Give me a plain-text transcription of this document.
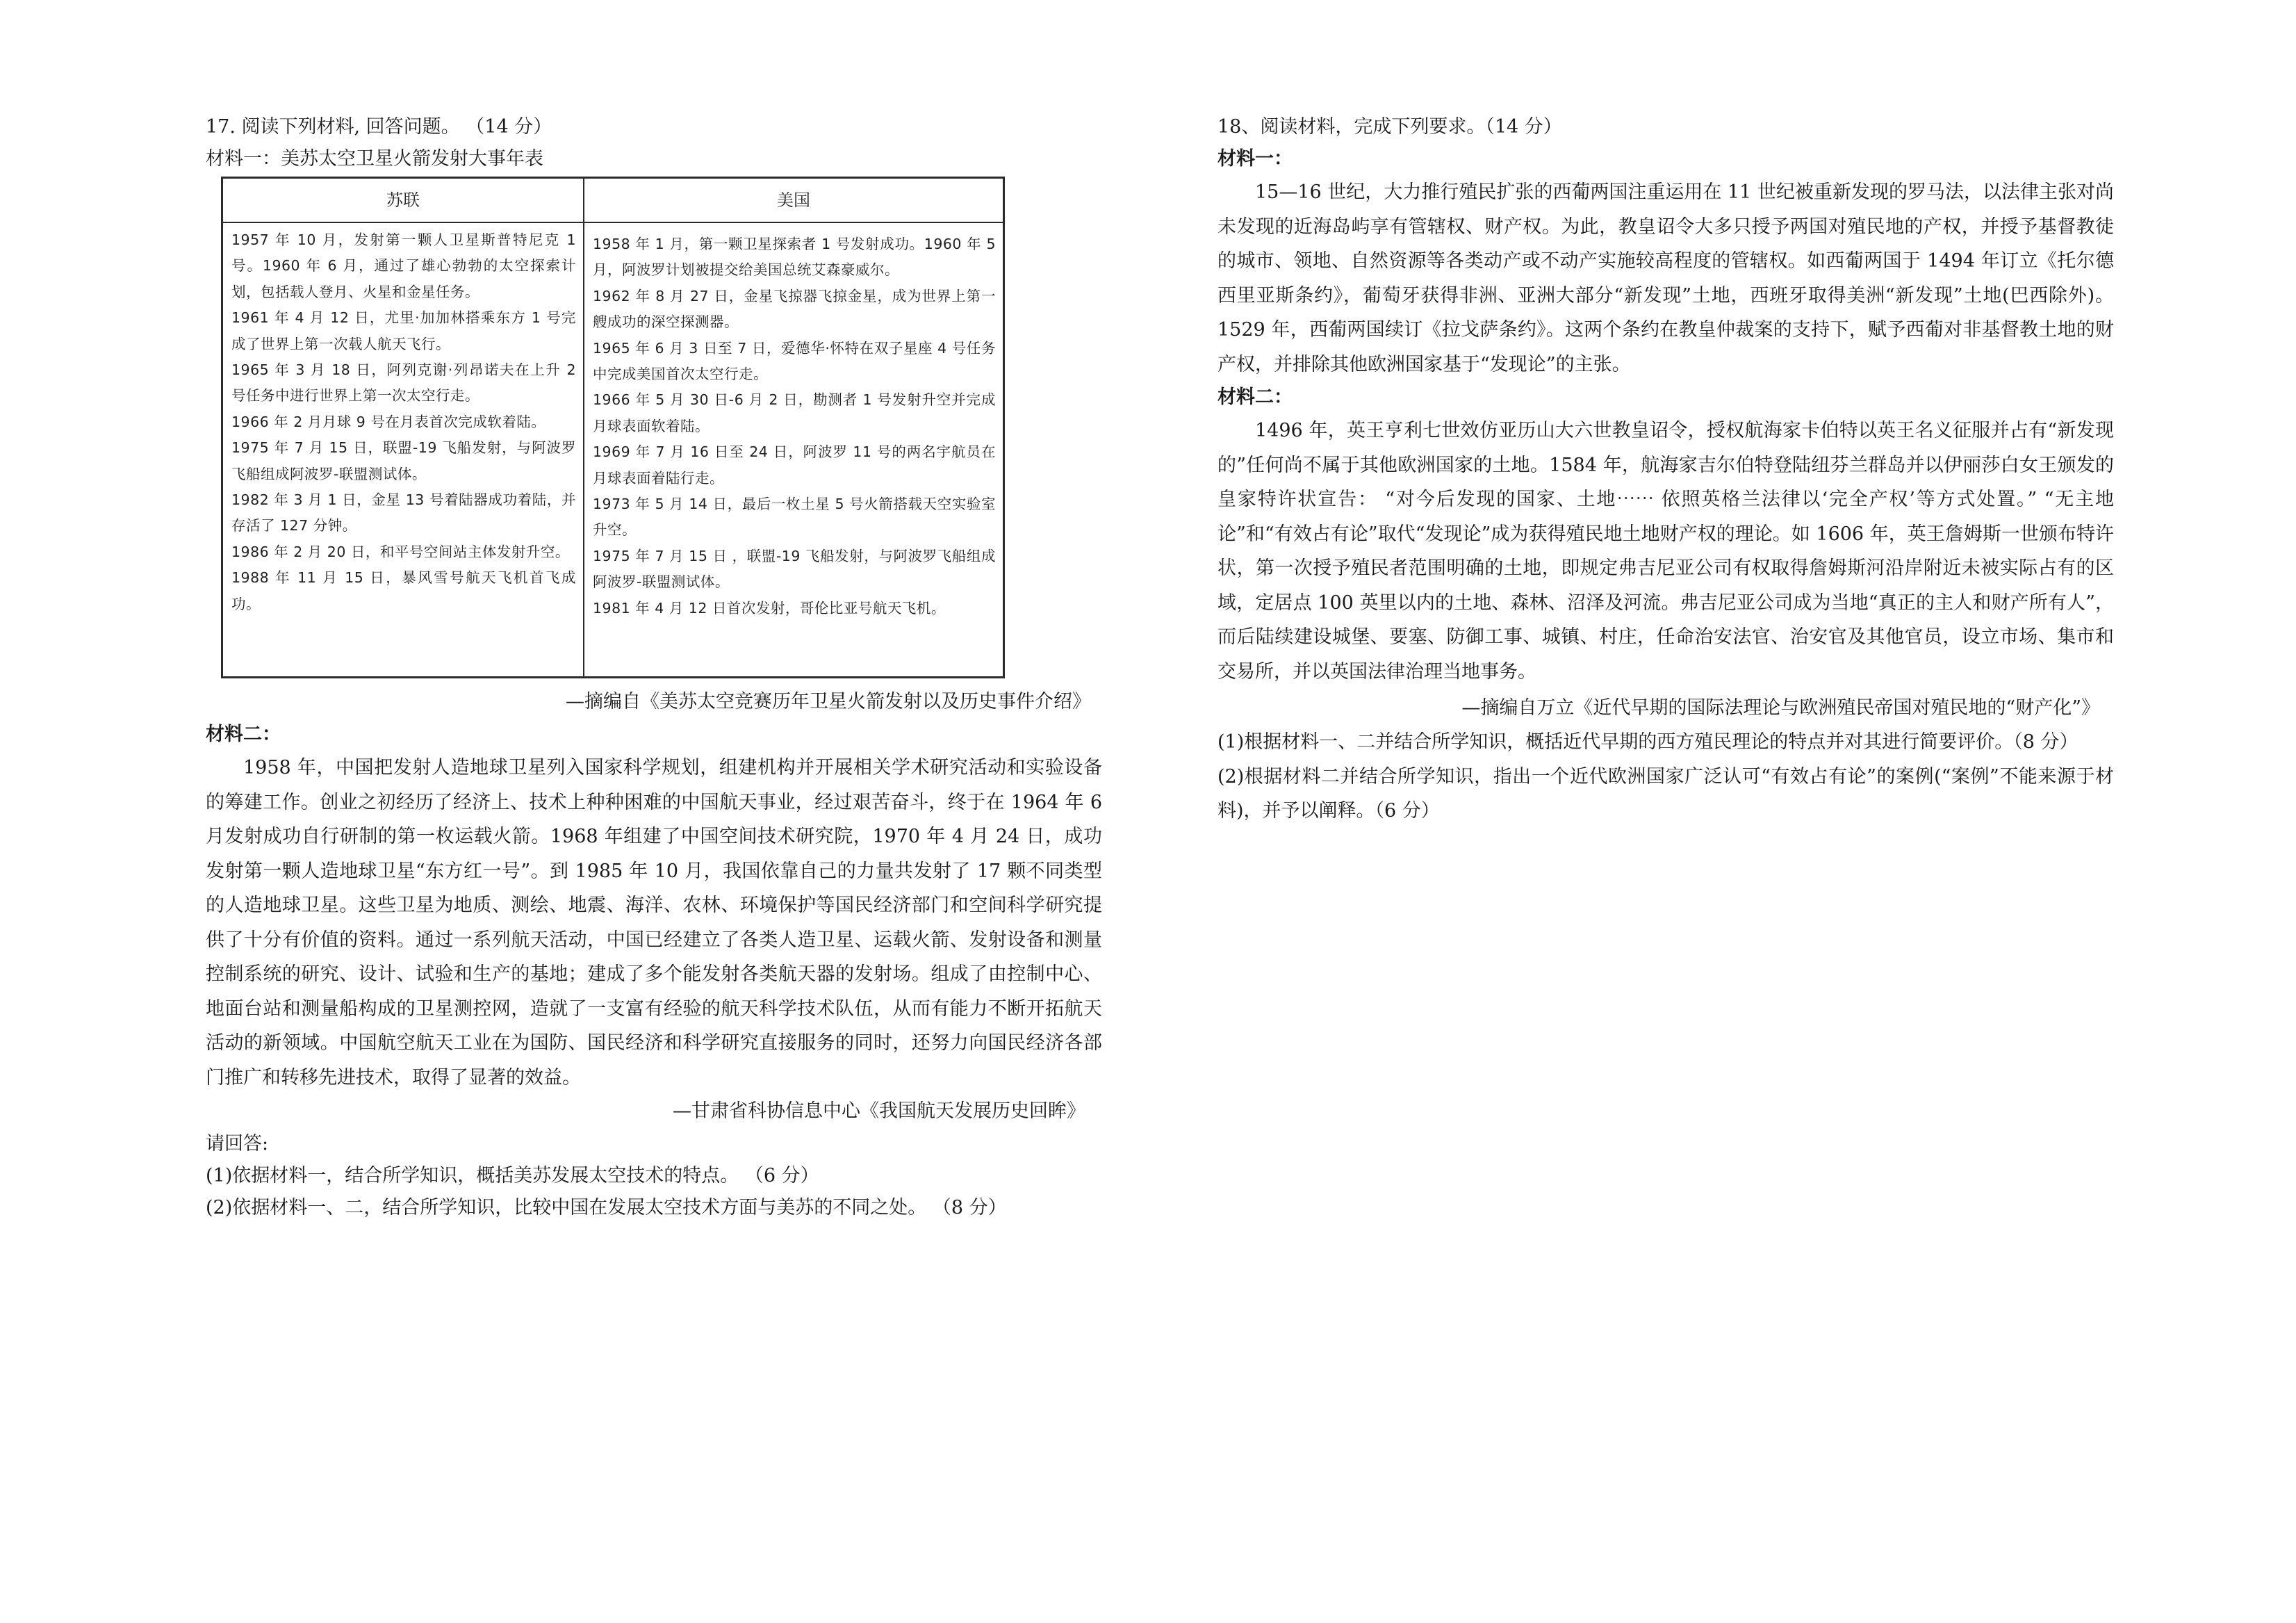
17. 阅读下列材料, 回答问题。 （14 分）
材料一：美苏太空卫星火箭发射大事年表
苏联	美国

1957 年 10 月，发射第一颗人卫星斯普特尼克 1 号。1960 年 6 月，通过了雄心勃勃的太空探索计划，包括载人登月、火星和金星任务。

1961 年 4 月 12 日，尤里·加加林搭乘东方 1 号完成了世界上第一次载人航天飞行。

1965 年 3 月 18 日，阿列克谢·列昂诺夫在上升 2 号任务中进行世界上第一次太空行走。

1966 年 2 月月球 9 号在月表首次完成软着陆。

1975 年 7 月 15 日，联盟-19 飞船发射，与阿波罗飞船组成阿波罗-联盟测试体。

1982 年 3 月 1 日，金星 13 号着陆器成功着陆，并存活了 127 分钟。

1986 年 2 月 20 日，和平号空间站主体发射升空。

1988 年 11 月 15 日，暴风雪号航天飞机首飞成功。

1958 年 1 月，第一颗卫星探索者 1 号发射成功。1960 年 5 月，阿波罗计划被提交给美国总统艾森豪威尔。

1962 年 8 月 27 日，金星飞掠器飞掠金星，成为世界上第一艘成功的深空探测器。

1965 年 6 月 3 日至 7 日，爱德华·怀特在双子星座 4 号任务中完成美国首次太空行走。

1966 年 5 月 30 日-6 月 2 日，勘测者 1 号发射升空并完成月球表面软着陆。

1969 年 7 月 16 日至 24 日，阿波罗 11 号的两名宇航员在月球表面着陆行走。

1973 年 5 月 14 日，最后一枚土星 5 号火箭搭载天空实验室升空。

1975 年 7 月 15 日 ，联盟-19 飞船发射，与阿波罗飞船组成阿波罗-联盟测试体。

1981 年 4 月 12 日首次发射，哥伦比亚号航天飞机。

—摘编自《美苏太空竞赛历年卫星火箭发射以及历史事件介绍》
材料二：

1958 年，中国把发射人造地球卫星列入国家科学规划，组建机构并开展相关学术研究活动和实验设备的筹建工作。创业之初经历了经济上、技术上种种困难的中国航天事业，经过艰苦奋斗，终于在 1964 年 6 月发射成功自行研制的第一枚运载火箭。1968 年组建了中国空间技术研究院，1970 年 4 月 24 日，成功发射第一颗人造地球卫星“东方红一号”。到 1985 年 10 月，我国依靠自己的力量共发射了 17 颗不同类型的人造地球卫星。这些卫星为地质、测绘、地震、海洋、农林、环境保护等国民经济部门和空间科学研究提供了十分有价值的资料。通过一系列航天活动，中国已经建立了各类人造卫星、运载火箭、发射设备和测量控制系统的研究、设计、试验和生产的基地；建成了多个能发射各类航天器的发射场。组成了由控制中心、地面台站和测量船构成的卫星测控网，造就了一支富有经验的航天科学技术队伍，从而有能力不断开拓航天活动的新领域。中国航空航天工业在为国防、国民经济和科学研究直接服务的同时，还努力向国民经济各部门推广和转移先进技术，取得了显著的效益。

—甘肃省科协信息中心《我国航天发展历史回眸》
请回答:
(1)依据材料一，结合所学知识，概括美苏发展太空技术的特点。 （6 分）
(2)依据材料一、二，结合所学知识，比较中国在发展太空技术方面与美苏的不同之处。 （8 分）
18、阅读材料，完成下列要求。（14 分）
材料一：

15—16 世纪，大力推行殖民扩张的西葡两国注重运用在 11 世纪被重新发现的罗马法，以法律主张对尚未发现的近海岛屿享有管辖权、财产权。为此，教皇诏令大多只授予两国对殖民地的产权，并授予基督教徒的城市、领地、自然资源等各类动产或不动产实施较高程度的管辖权。如西葡两国于 1494 年订立《托尔德西里亚斯条约》，葡萄牙获得非洲、亚洲大部分“新发现”土地，西班牙取得美洲“新发现”土地(巴西除外)。1529 年，西葡两国续订《拉戈萨条约》。这两个条约在教皇仲裁案的支持下，赋予西葡对非基督教土地的财产权，并排除其他欧洲国家基于“发现论”的主张。

材料二：

1496 年，英王亨利七世效仿亚历山大六世教皇诏令，授权航海家卡伯特以英王名义征服并占有“新发现的”任何尚不属于其他欧洲国家的土地。1584 年，航海家吉尔伯特登陆纽芬兰群岛并以伊丽莎白女王颁发的皇家特许状宣告： “对今后发现的国家、土地⋯⋯ 依照英格兰法律以‘完全产权’等方式处置。” “无主地论”和“有效占有论”取代“发现论”成为获得殖民地土地财产权的理论。如 1606 年，英王詹姆斯一世颁布特许状，第一次授予殖民者范围明确的土地，即规定弗吉尼亚公司有权取得詹姆斯河沿岸附近未被实际占有的区域，定居点 100 英里以内的土地、森林、沼泽及河流。弗吉尼亚公司成为当地“真正的主人和财产所有人”，而后陆续建设城堡、要塞、防御工事、城镇、村庄，任命治安法官、治安官及其他官员，设立市场、集市和交易所，并以英国法律治理当地事务。

—摘编自万立《近代早期的国际法理论与欧洲殖民帝国对殖民地的“财产化”》

(1)根据材料一、二并结合所学知识，概括近代早期的西方殖民理论的特点并对其进行简要评价。（8 分）

(2)根据材料二并结合所学知识，指出一个近代欧洲国家广泛认可“有效占有论”的案例(“案例”不能来源于材料)，并予以阐释。（6 分）
